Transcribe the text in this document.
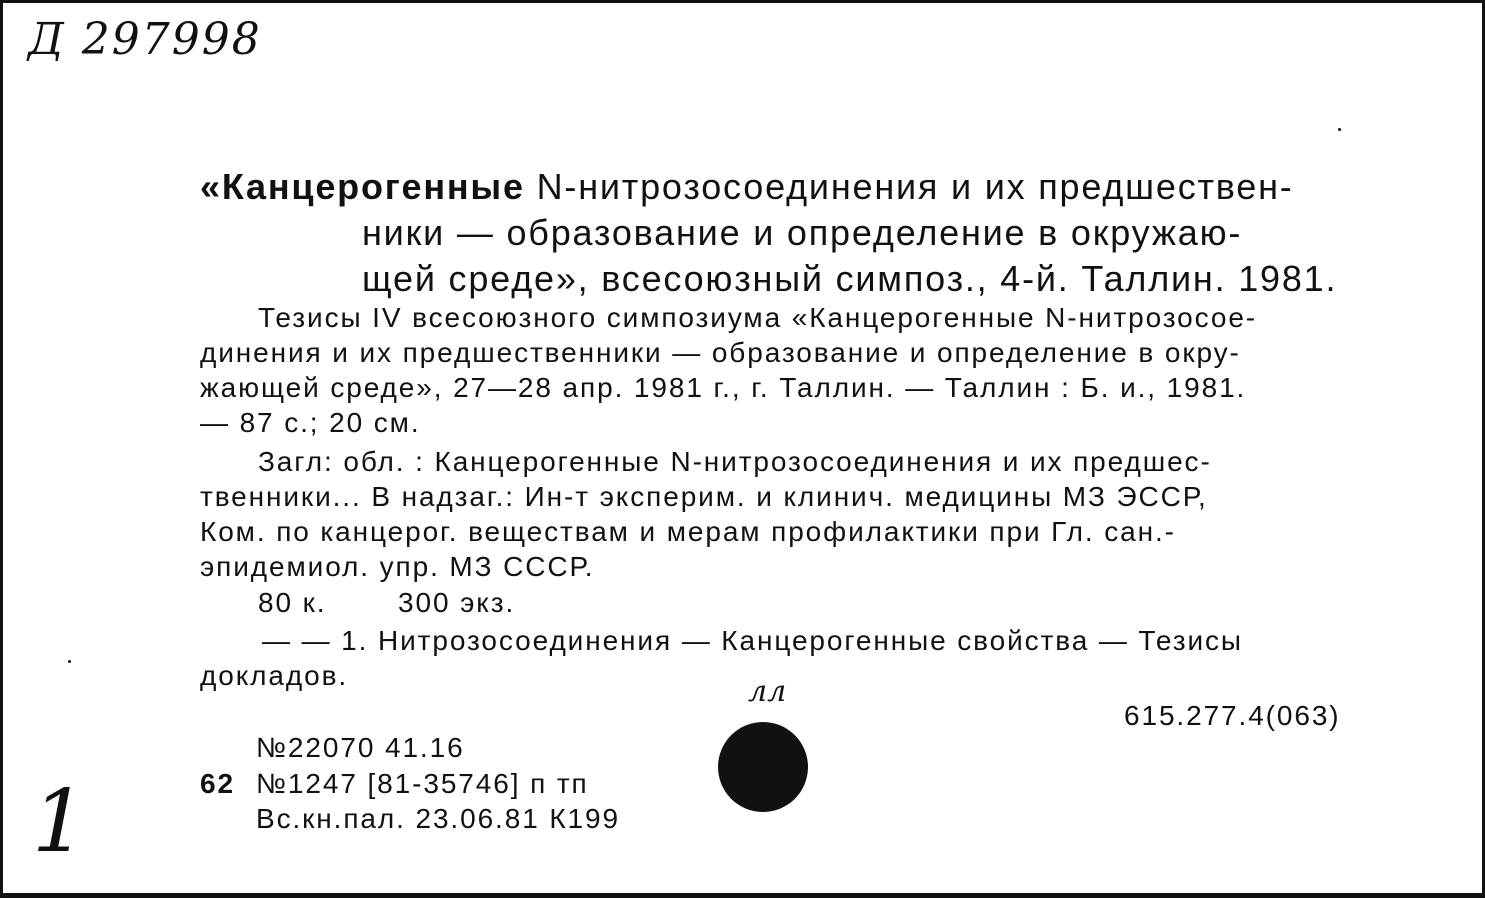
Д 297998
«Канцерогенные N-нитрозосоединения и их предшествен-
ники — образование и определение в окружаю-
щей среде», всесоюзный симпоз., 4-й. Таллин. 1981.
Тезисы IV всесоюзного симпозиума «Канцерогенные N-нитрозосое-
динения и их предшественники — образование и определение в окру-
жающей среде», 27—28 апр. 1981 г., г. Таллин. — Таллин : Б. и., 1981.
— 87 с.; 20 см.
Загл: обл. : Канцерогенные N-нитрозосоединения и их предшес-
твенники... В надзаг.: Ин-т эксперим. и клинич. медицины МЗ ЭССР,
Ком. по канцерог. веществам и мерам профилактики при Гл. сан.-
эпидемиол. упр. МЗ СССР.
80 к.	300 экз.
— — 1. Нитрозосоединения — Канцерогенные свойства — Тезисы
докладов.	лл
615.277.4(063)
№22070 41.16
62 №1247 [81-35746] п тп
Вс.кн.пал. 23.06.81 К199
1
